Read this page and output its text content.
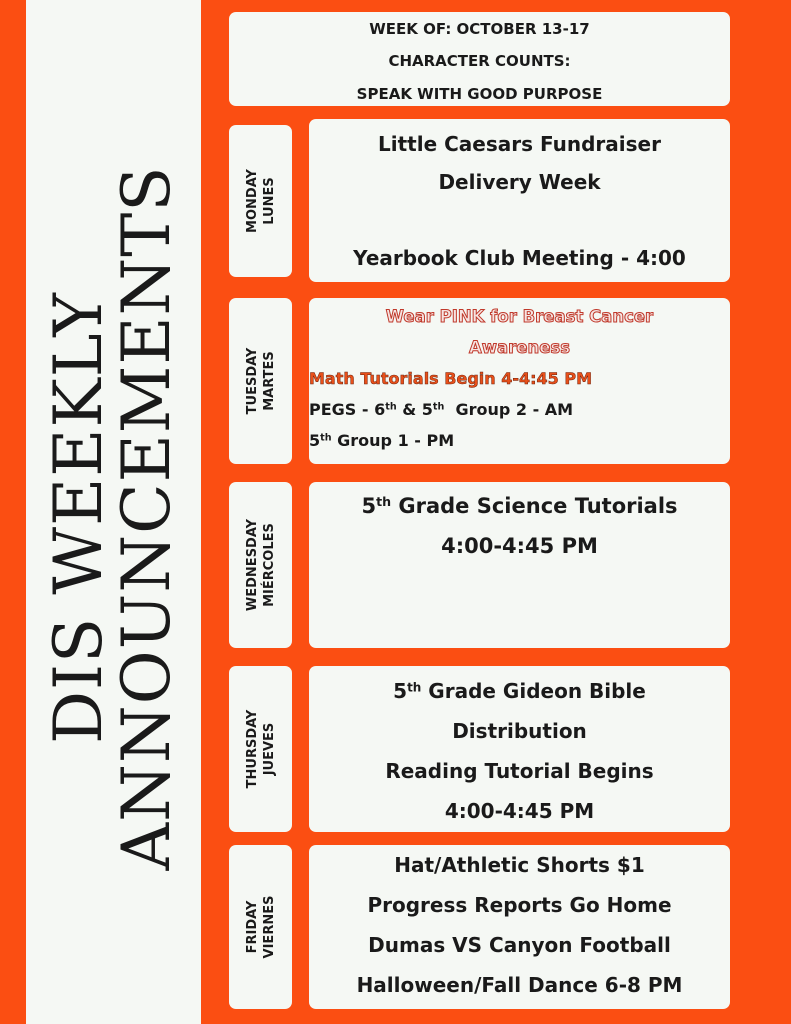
DIS WEEKLY
ANNOUNCEMENTS
WEEK OF: OCTOBER 13-17
CHARACTER COUNTS:
SPEAK WITH GOOD PURPOSE
MONDAY LUNES
Little Caesars Fundraiser
Delivery Week
Yearbook Club Meeting - 4:00
TUESDAY MARTES
Wear PINK for Breast Cancer
Awareness
Math Tutorials Begin 4-4:45 PM
PEGS - 6th & 5th  Group 2 - AM
5th Group 1 - PM
WEDNESDAY MIÉRCOLES
5th Grade Science Tutorials
4:00-4:45 PM
THURSDAY JUEVES
5th Grade Gideon Bible
Distribution
Reading Tutorial Begins
4:00-4:45 PM
FRIDAY VIERNES
Hat/Athletic Shorts $1
Progress Reports Go Home
Dumas VS Canyon Football
Halloween/Fall Dance 6-8 PM
